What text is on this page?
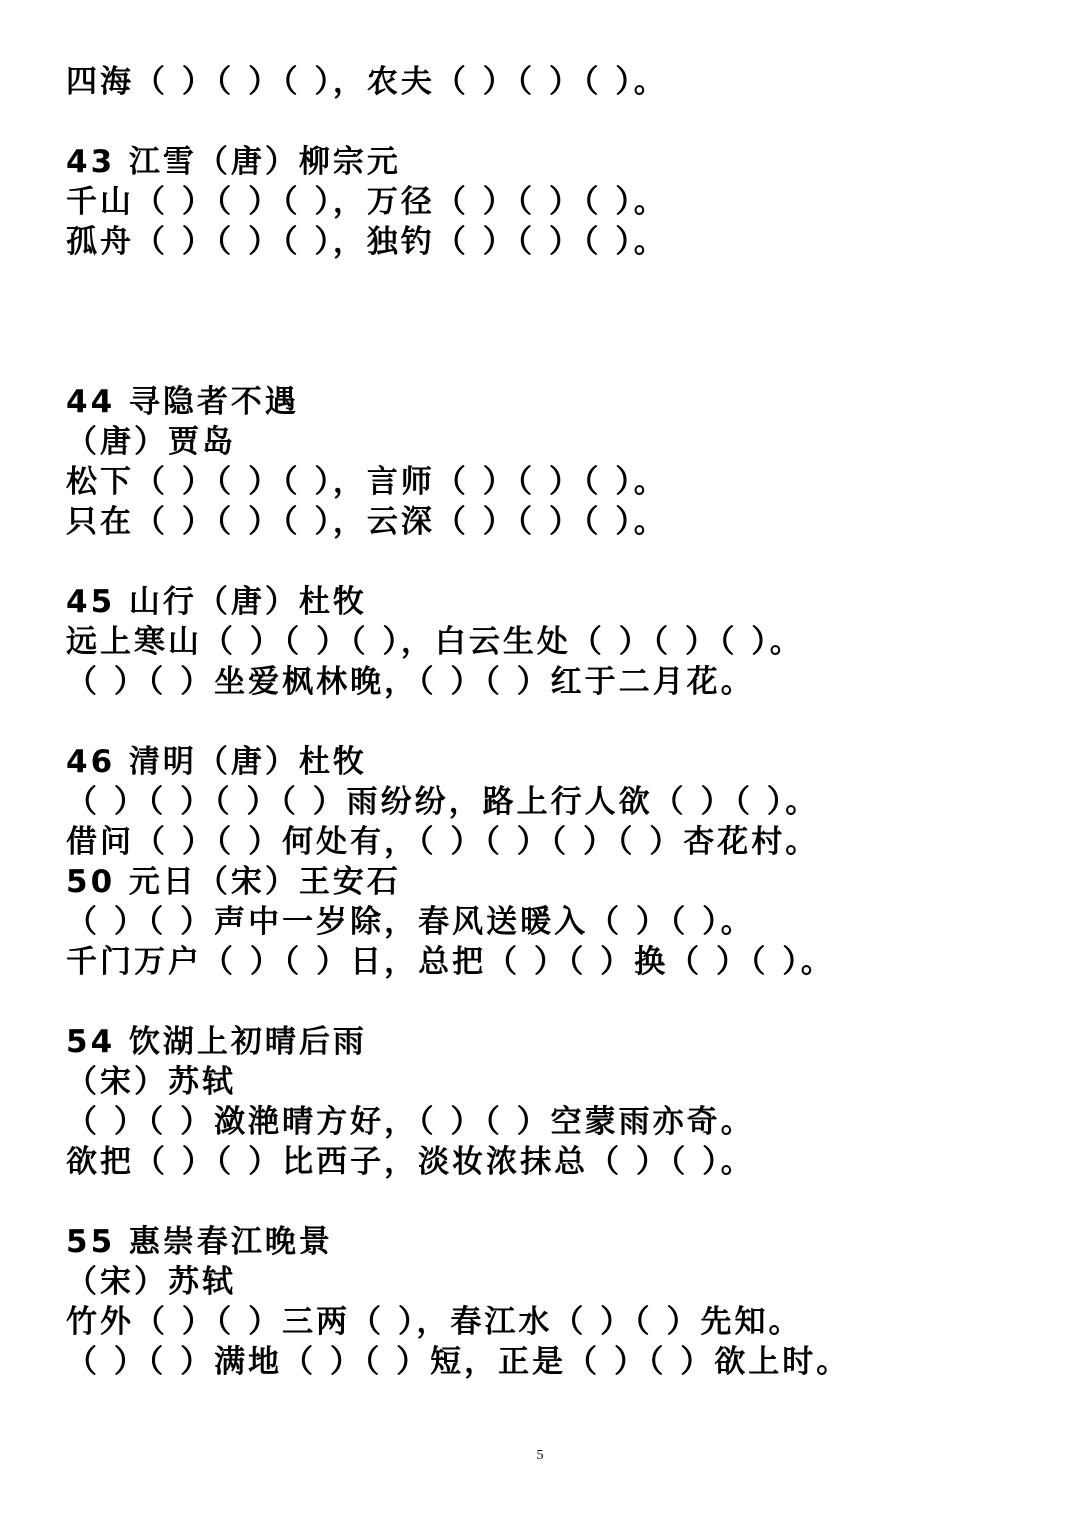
四海（ ）（ ）（ ），农夫（ ）（ ）（ ）。
43 江雪（唐）柳宗元
千山（ ）（ ）（ ），万径（ ）（ ）（ ）。
孤舟（ ）（ ）（ ），独钓（ ）（ ）（ ）。
44 寻隐者不遇
（唐）贾岛
松下（ ）（ ）（ ），言师（ ）（ ）（ ）。
只在（ ）（ ）（ ），云深（ ）（ ）（ ）。
45 山行（唐）杜牧
远上寒山（ ）（ ）（ ），白云生处（ ）（ ）（ ）。
（ ）（ ）坐爱枫林晚，（ ）（ ）红于二月花。
46 清明（唐）杜牧
（ ）（ ）（ ）（ ）雨纷纷，路上行人欲（ ）（ ）。
借问（ ）（ ）何处有，（ ）（ ）（ ）（ ）杏花村。
50 元日（宋）王安石
（ ）（ ）声中一岁除，春风送暖入（ ）（ ）。
千门万户（ ）（ ）日，总把（ ）（ ）换（ ）（ ）。
54 饮湖上初晴后雨
（宋）苏轼
（ ）（ ）潋滟晴方好，（ ）（ ）空蒙雨亦奇。
欲把（ ）（ ）比西子，淡妆浓抹总（ ）（ ）。
55 惠崇春江晚景
（宋）苏轼
竹外（ ）（ ）三两（ ），春江水（ ）（ ）先知。
（ ）（ ）满地（ ）（ ）短，正是（ ）（ ）欲上时。
5
